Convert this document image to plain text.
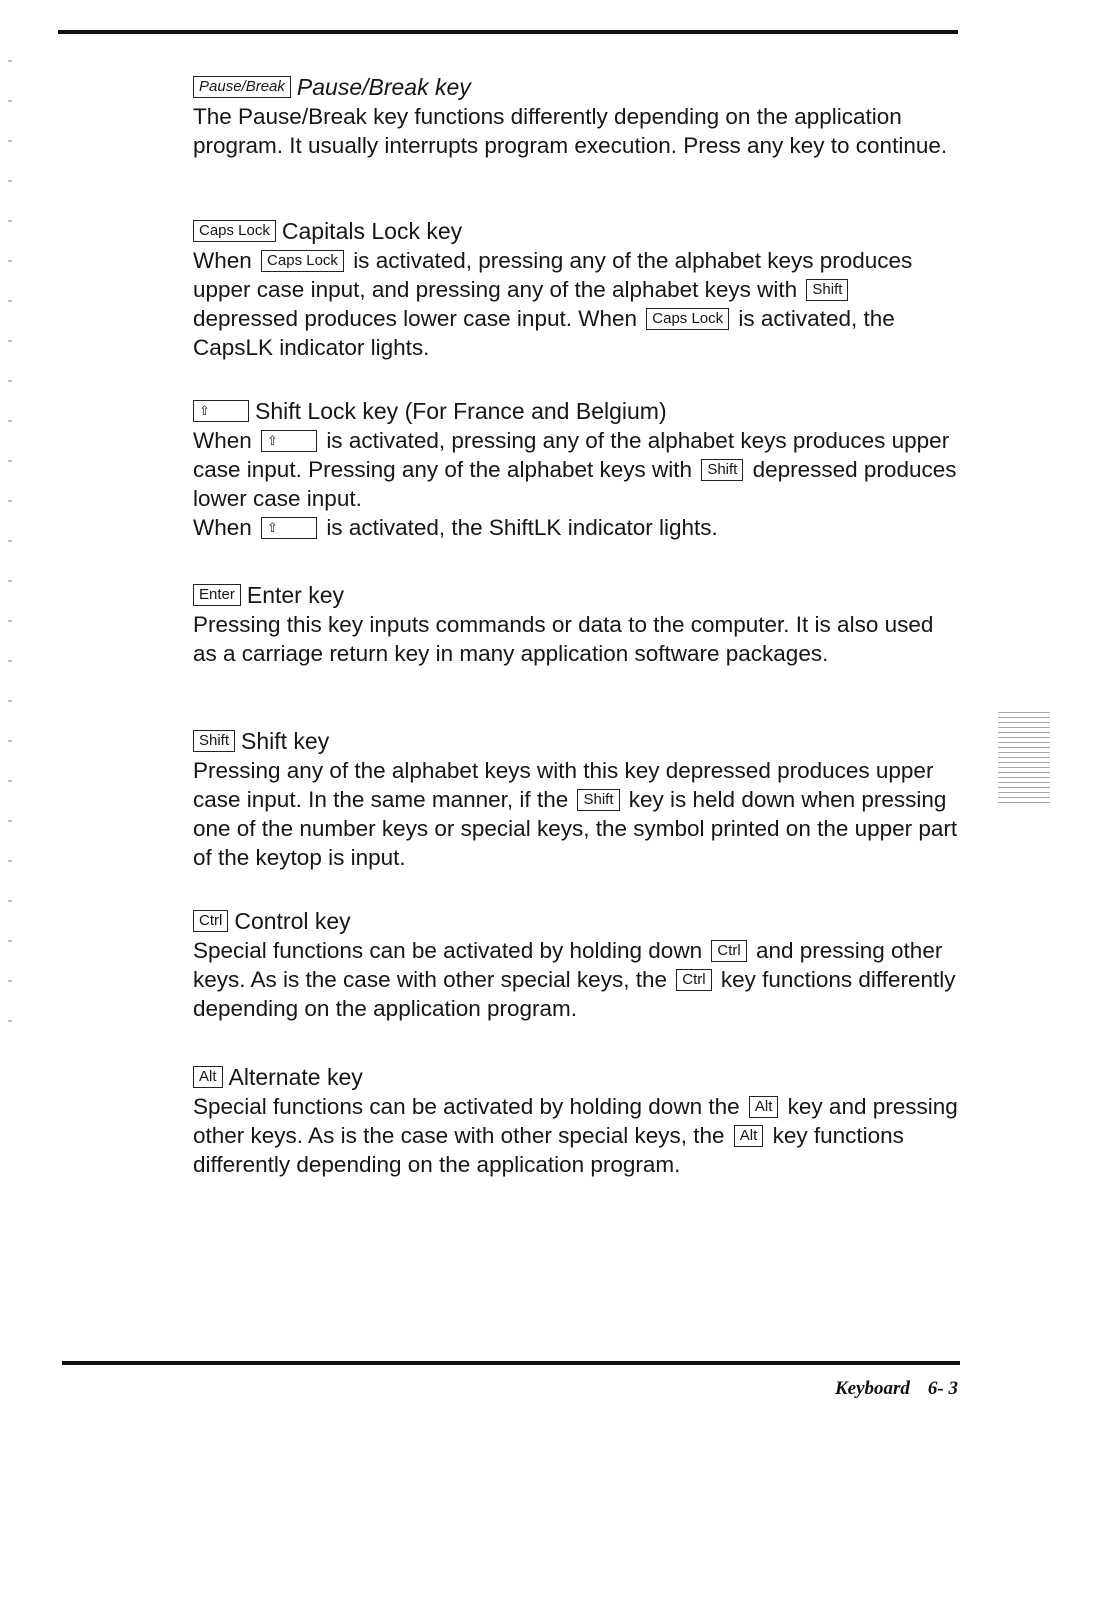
Pause/Break Pause/Break key

The Pause/Break key functions differently depending on the application program. It usually interrupts program execution. Press any key to continue.

Caps Lock Capitals Lock key
When Caps Lock is activated, pressing any of the alphabet keys produces upper case input, and pressing any of the alphabet keys with Shift depressed produces lower case input. When Caps Lock is activated, the CapsLK indicator lights.
⇧	Shift Lock key (For France and Belgium)
When ⇧ is activated, pressing any of the alphabet keys produces upper case input. Pressing any of the alphabet keys with Shift depressed produces lower case input.
When ⇧ is activated, the ShiftLK indicator lights.
Enter Enter key

Pressing this key inputs commands or data to the computer. It is also used as a carriage return key in many application software packages.

Shift Shift key
Pressing any of the alphabet keys with this key depressed produces upper case input. In the same manner, if the Shift key is held down when pressing one of the number keys or special keys, the symbol printed on the upper part of the keytop is input.
Ctrl Control key
Special functions can be activated by holding down Ctrl and pressing other keys. As is the case with other special keys, the Ctrl key functions differently depending on the application program.
Alt Alternate key
Special functions can be activated by holding down the Alt key and pressing other keys. As is the case with other special keys, the Alt key functions differently depending on the application program.
Keyboard 6- 3
